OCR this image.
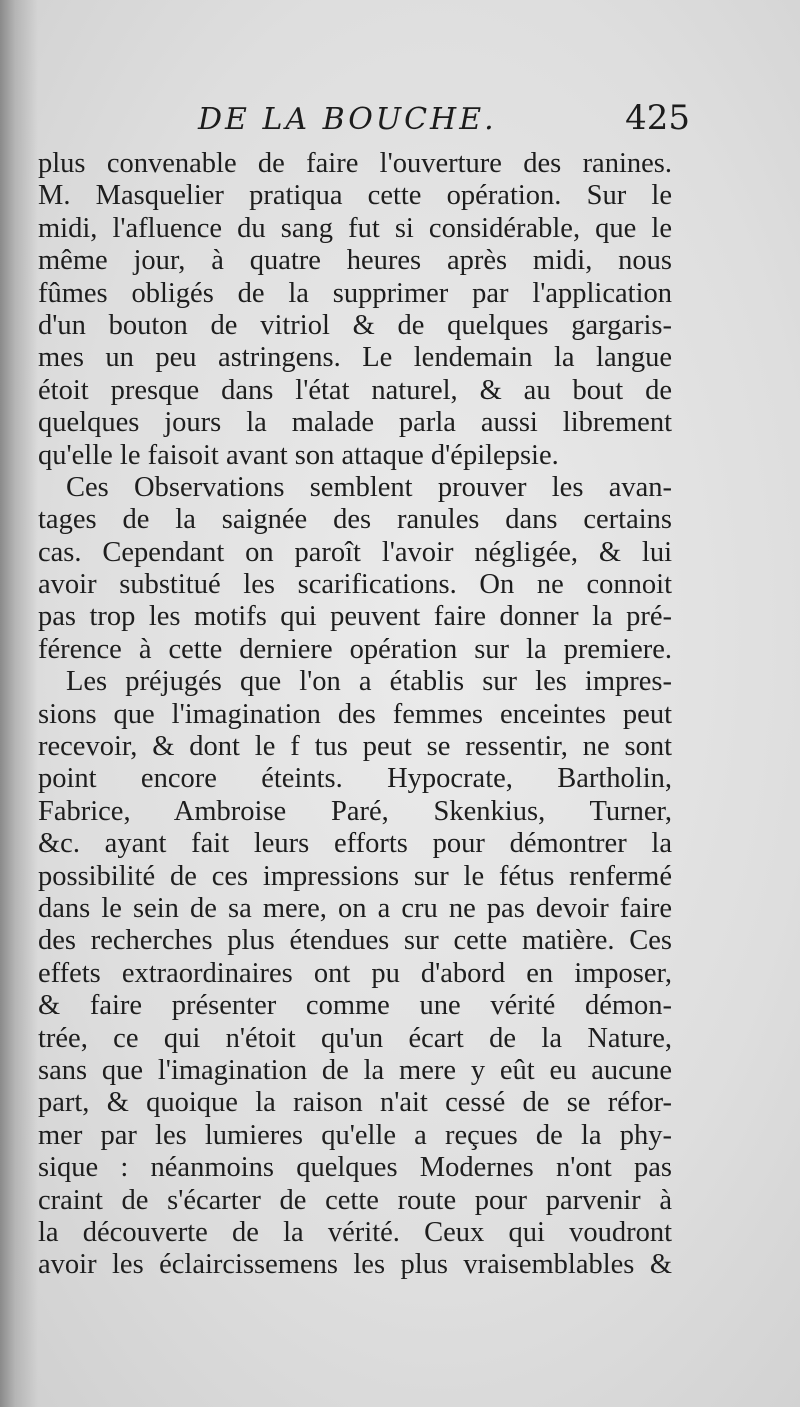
DE LA BOUCHE.	425
plus convenable de faire l'ouverture des ranines.
M. Masquelier pratiqua cette opération. Sur le
midi, l'afluence du sang fut si considérable, que le
même jour, à quatre heures après midi, nous
fûmes obligés de la supprimer par l'application
d'un bouton de vitriol & de quelques gargaris-
mes un peu astringens. Le lendemain la langue
étoit presque dans l'état naturel, & au bout de
quelques jours la malade parla aussi librement
qu'elle le faisoit avant son attaque d'épilepsie.
Ces Observations semblent prouver les avan-
tages de la saignée des ranules dans certains
cas. Cependant on paroît l'avoir négligée, & lui
avoir substitué les scarifications. On ne connoit
pas trop les motifs qui peuvent faire donner la pré-
férence à cette derniere opération sur la premiere.
Les préjugés que l'on a établis sur les impres-
sions que l'imagination des femmes enceintes peut
recevoir, & dont le f tus peut se ressentir, ne sont
point encore éteints. Hypocrate, Bartholin,
Fabrice, Ambroise Paré, Skenkius, Turner,
&c. ayant fait leurs efforts pour démontrer la
possibilité de ces impressions sur le fétus renfermé
dans le sein de sa mere, on a cru ne pas devoir faire
des recherches plus étendues sur cette matière. Ces
effets extraordinaires ont pu d'abord en imposer,
& faire présenter comme une vérité démon-
trée, ce qui n'étoit qu'un écart de la Nature,
sans que l'imagination de la mere y eût eu aucune
part, & quoique la raison n'ait cessé de se réfor-
mer par les lumieres qu'elle a reçues de la phy-
sique : néanmoins quelques Modernes n'ont pas
craint de s'écarter de cette route pour parvenir à
la découverte de la vérité. Ceux qui voudront
avoir les éclaircissemens les plus vraisemblables &
